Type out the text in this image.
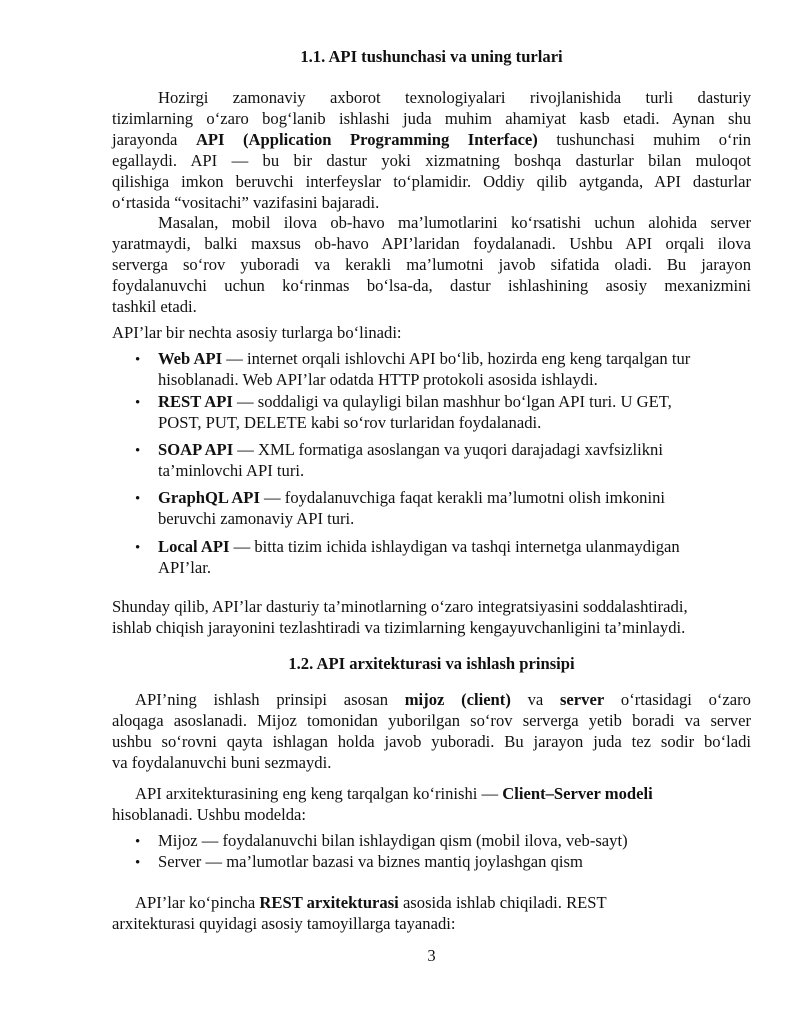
1.1. API tushunchasi va uning turlari
Hozirgi zamonaviy axborot texnologiyalari rivojlanishida turli dasturiy
tizimlarning o‘zaro bog‘lanib ishlashi juda muhim ahamiyat kasb etadi. Aynan shu
jarayonda API (Application Programming Interface) tushunchasi muhim o‘rin
egallaydi. API — bu bir dastur yoki xizmatning boshqa dasturlar bilan muloqot
qilishiga imkon beruvchi interfeyslar to‘plamidir. Oddiy qilib aytganda, API dasturlar
o‘rtasida “vositachi” vazifasini bajaradi.
Masalan, mobil ilova ob-havo ma’lumotlarini ko‘rsatishi uchun alohida server
yaratmaydi, balki maxsus ob-havo API’laridan foydalanadi. Ushbu API orqali ilova
serverga so‘rov yuboradi va kerakli ma’lumotni javob sifatida oladi. Bu jarayon
foydalanuvchi uchun ko‘rinmas bo‘lsa-da, dastur ishlashining asosiy mexanizmini
tashkil etadi.
API’lar bir nechta asosiy turlarga bo‘linadi:
• Web API — internet orqali ishlovchi API bo‘lib, hozirda eng keng tarqalgan tur
hisoblanadi. Web API’lar odatda HTTP protokoli asosida ishlaydi.
• REST API — soddaligi va qulayligi bilan mashhur bo‘lgan API turi. U GET,
POST, PUT, DELETE kabi so‘rov turlaridan foydalanadi.
• SOAP API — XML formatiga asoslangan va yuqori darajadagi xavfsizlikni
ta’minlovchi API turi.
• GraphQL API — foydalanuvchiga faqat kerakli ma’lumotni olish imkonini
beruvchi zamonaviy API turi.
• Local API — bitta tizim ichida ishlaydigan va tashqi internetga ulanmaydigan
API’lar.
Shunday qilib, API’lar dasturiy ta’minotlarning o‘zaro integratsiyasini soddalashtiradi,
ishlab chiqish jarayonini tezlashtiradi va tizimlarning kengayuvchanligini ta’minlaydi.
1.2. API arxitekturasi va ishlash prinsipi
API’ning ishlash prinsipi asosan mijoz (client) va server o‘rtasidagi o‘zaro
aloqaga asoslanadi. Mijoz tomonidan yuborilgan so‘rov serverga yetib boradi va server
ushbu so‘rovni qayta ishlagan holda javob yuboradi. Bu jarayon juda tez sodir bo‘ladi
va foydalanuvchi buni sezmaydi.
API arxitekturasining eng keng tarqalgan ko‘rinishi — Client–Server modeli
hisoblanadi. Ushbu modelda:
• Mijoz — foydalanuvchi bilan ishlaydigan qism (mobil ilova, veb-sayt)
• Server — ma’lumotlar bazasi va biznes mantiq joylashgan qism
API’lar ko‘pincha REST arxitekturasi asosida ishlab chiqiladi. REST
arxitekturasi quyidagi asosiy tamoyillarga tayanadi:
3
